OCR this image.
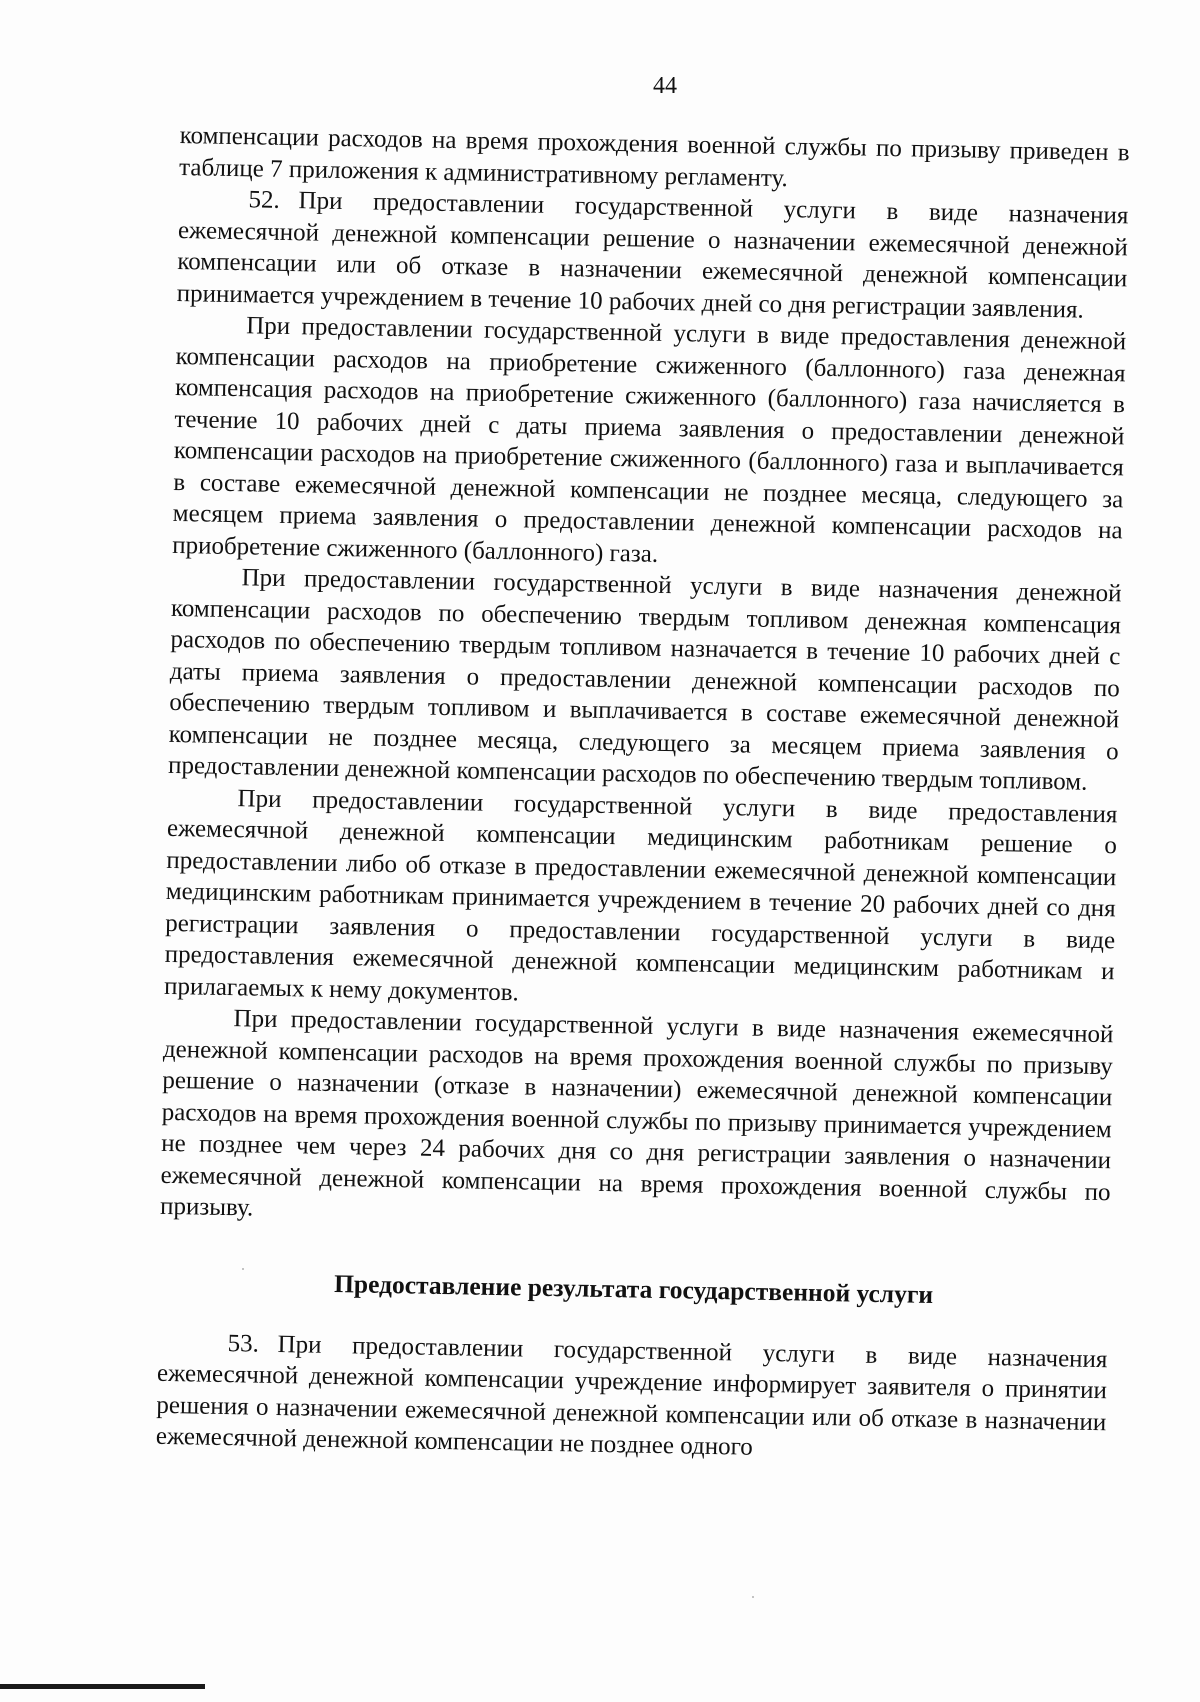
44

компенсации расходов на время прохождения военной службы по призыву приведен в таблице 7 приложения к административному регламенту.

52. При предоставлении государственной услуги в виде назначения ежемесячной денежной компенсации решение о назначении ежемесячной денежной компенсации или об отказе в назначении ежемесячной денежной компенсации принимается учреждением в течение 10 рабочих дней со дня регистрации заявления.

При предоставлении государственной услуги в виде предоставления денежной компенсации расходов на приобретение сжиженного (баллонного) газа денежная компенсация расходов на приобретение сжиженного (баллонного) газа начисляется в течение 10 рабочих дней с даты приема заявления о предоставлении денежной компенсации расходов на приобретение сжиженного (баллонного) газа и выплачивается в составе ежемесячной денежной компенсации не позднее месяца, следующего за месяцем приема заявления о предоставлении денежной компенсации расходов на приобретение сжиженного (баллонного) газа.

При предоставлении государственной услуги в виде назначения денежной компенсации расходов по обеспечению твердым топливом денежная компенсация расходов по обеспечению твердым топливом назначается в течение 10 рабочих дней с даты приема заявления о предоставлении денежной компенсации расходов по обеспечению твердым топливом и выплачивается в составе ежемесячной денежной компенсации не позднее месяца, следующего за месяцем приема заявления о предоставлении денежной компенсации расходов по обеспечению твердым топливом.

При предоставлении государственной услуги в виде предоставления ежемесячной денежной компенсации медицинским работникам решение о предоставлении либо об отказе в предоставлении ежемесячной денежной компенсации медицинским работникам принимается учреждением в течение 20 рабочих дней со дня регистрации заявления о предоставлении государственной услуги в виде предоставления ежемесячной денежной компенсации медицинским работникам и прилагаемых к нему документов.

При предоставлении государственной услуги в виде назначения ежемесячной денежной компенсации расходов на время прохождения военной службы по призыву решение о назначении (отказе в назначении) ежемесячной денежной компенсации расходов на время прохождения военной службы по призыву принимается учреждением не позднее чем через 24 рабочих дня со дня регистрации заявления о назначении ежемесячной денежной компенсации на время прохождения военной службы по призыву.

Предоставление результата государственной услуги

53. При предоставлении государственной услуги в виде назначения ежемесячной денежной компенсации учреждение информирует заявителя о принятии решения о назначении ежемесячной денежной компенсации или об отказе в назначении ежемесячной денежной компенсации не позднее одного
